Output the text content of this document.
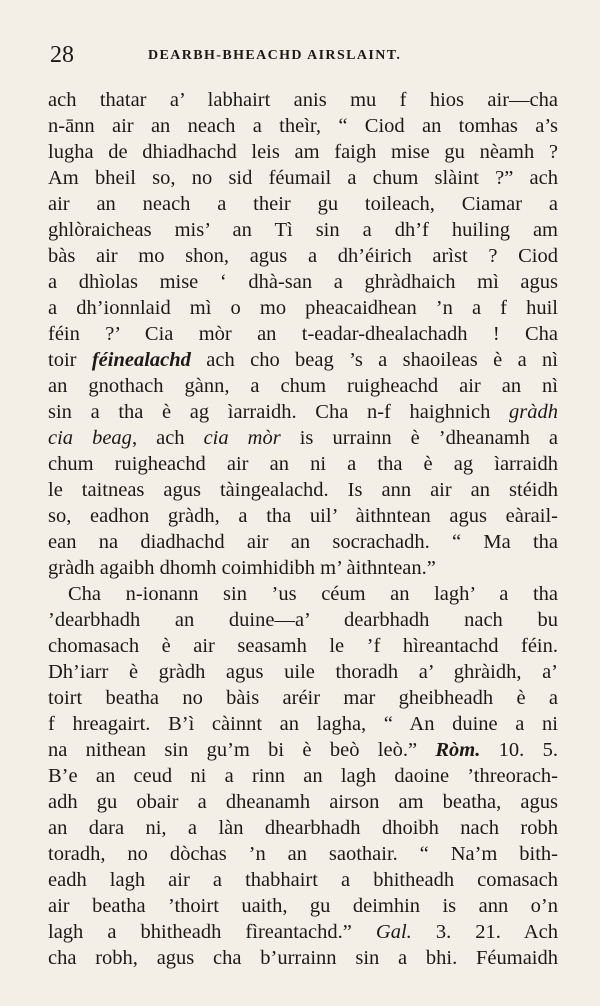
28	DEARBH-BHEACHD AIRSLAINT.
ach thatar a’ labhairt anis mu f hios air—cha
n-ānn air an neach a theìr, “ Ciod an tomhas a’s
lugha de dhiadhachd leis am faigh mise gu nèamh ?
Am bheil so, no sid féumail a chum slàint ?” ach
air an neach a their gu toileach, Ciamar a
ghlòraicheas mis’ an Tì sin a dh’f huiling am
bàs air mo shon, agus a dh’éirich arìst ? Ciod
a dhìolas mise ‘ dhà-san a ghràdhaich mì agus
a dh’ionnlaid mì o mo pheacaidhean ’n a f huil
féin ?’ Cia mòr an t-eadar-dhealachadh ! Cha
toir féinealachd ach cho beag ’s a shaoileas è a nì
an gnothach gànn, a chum ruigheachd air an nì
sin a tha è ag ìarraidh. Cha n-f haighnich gràdh
cia beag, ach cia mòr is urrainn è ’dheanamh a
chum ruigheachd air an ni a tha è ag ìarraidh
le taitneas agus tàingealachd. Is ann air an stéidh
so, eadhon gràdh, a tha uil’ àithntean agus eàrail-
ean na diadhachd air an socrachadh. “ Ma tha
gràdh agaibh dhomh coimhidibh m’ àithntean.”
Cha n-ionann sin ’us céum an lagh’ a tha
’dearbhadh an duine—a’ dearbhadh nach bu
chomasach è air seasamh le ’f hìreantachd féin.
Dh’iarr è gràdh agus uile thoradh a’ ghràidh, a’
toirt beatha no bàis aréir mar gheibheadh è a
f hreagairt. B’ì càinnt an lagha, “ An duine a ni
na nithean sin gu’m bi è beò leò.” Ròm. 10. 5.
B’e an ceud ni a rinn an lagh daoine ’threorach-
adh gu obair a dheanamh airson am beatha, agus
an dara ni, a làn dhearbhadh dhoibh nach robh
toradh, no dòchas ’n an saothair. “ Na’m bith-
eadh lagh air a thabhairt a bhitheadh comasach
air beatha ’thoirt uaith, gu deimhin is ann o’n
lagh a bhitheadh fìreantachd.” Gal. 3. 21. Ach
cha robh, agus cha b’urrainn sin a bhi. Féumaidh
